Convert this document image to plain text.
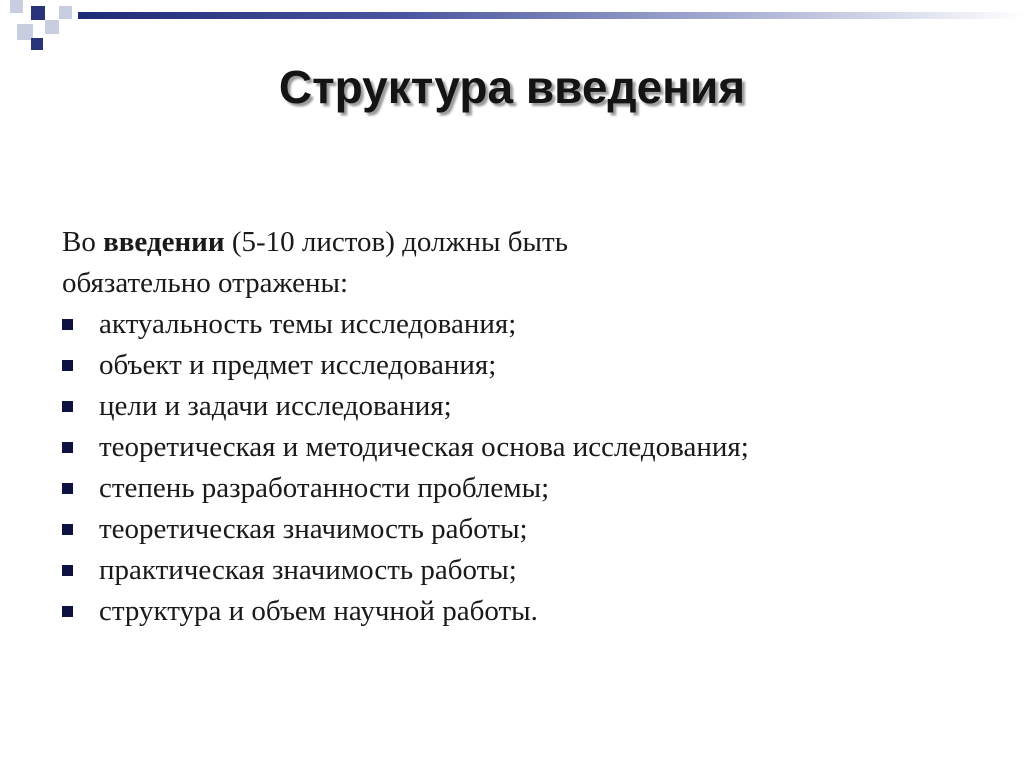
Структура введения

Во введении (5-10 листов) должны быть
обязательно отражены:

актуальность темы исследования;
объект и предмет исследования;
цели и задачи исследования;
теоретическая и методическая основа исследования;
степень разработанности проблемы;
теоретическая значимость работы;
практическая значимость работы;
структура и объем научной работы.
